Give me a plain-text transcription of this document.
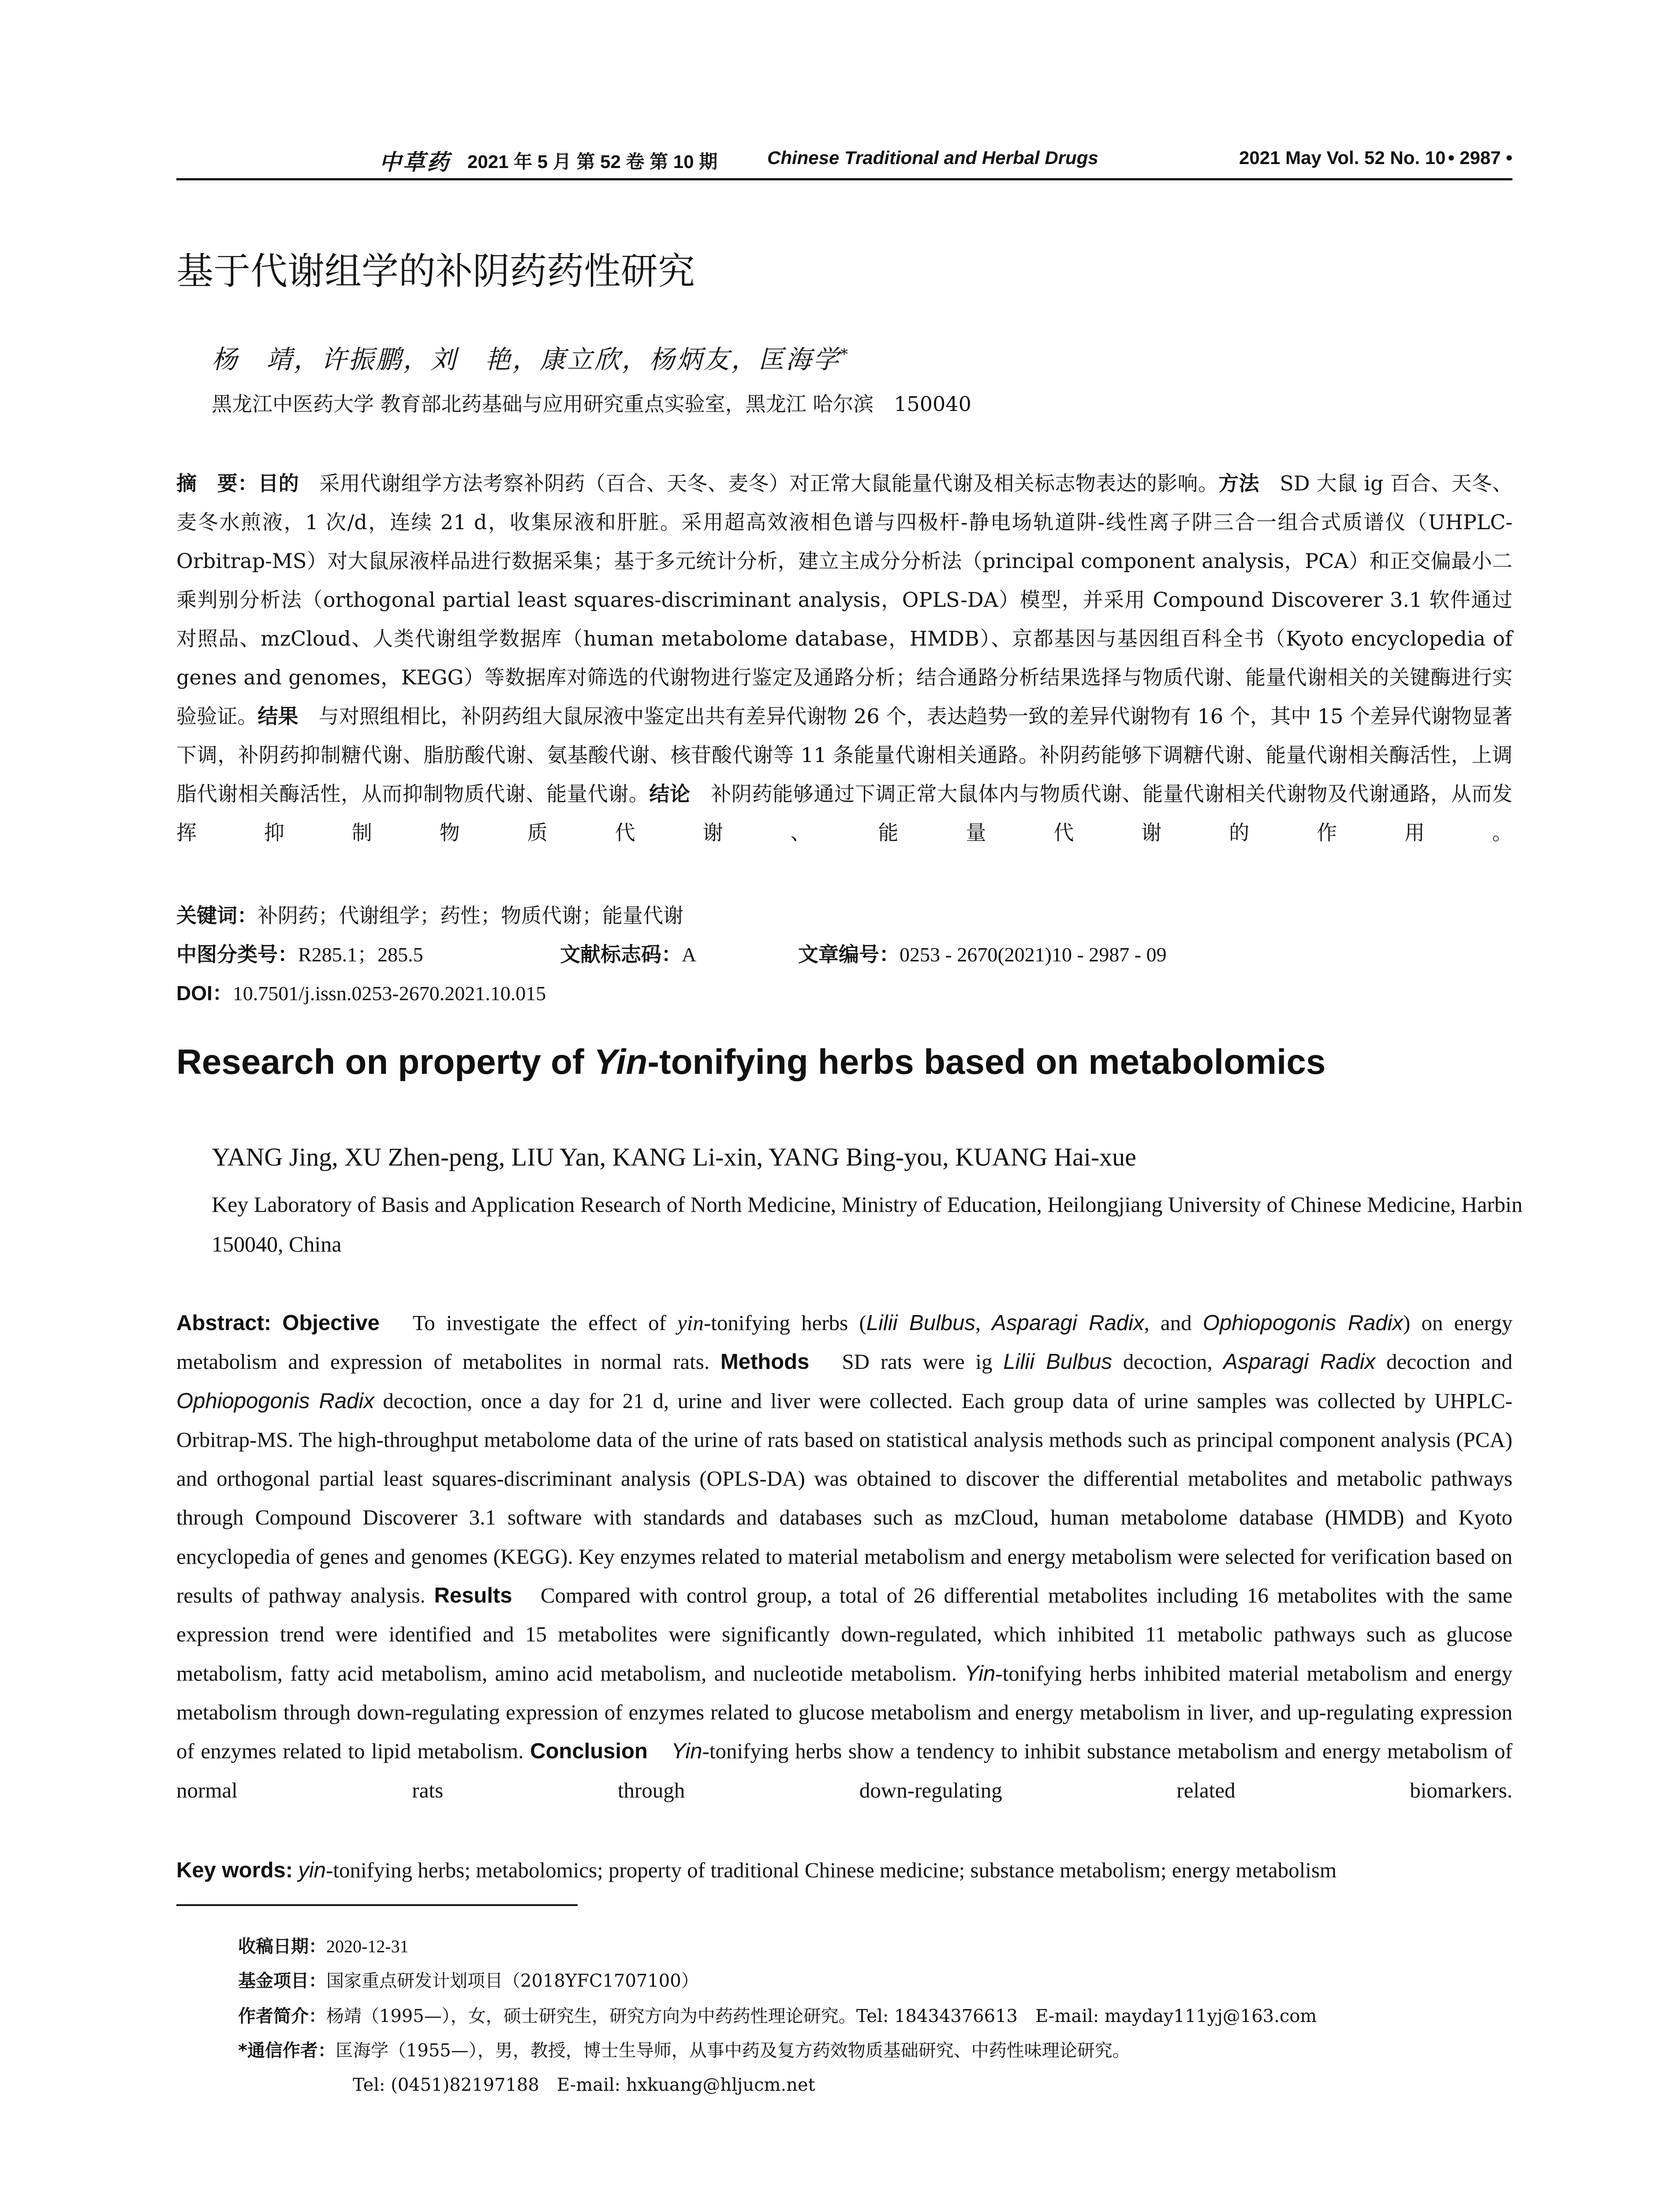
中草药 2021 年 5 月 第 52 卷 第 10 期	Chinese Traditional and Herbal Drugs	2021 May Vol. 52 No. 10 • 2987 •
基于代谢组学的补阴药药性研究
杨　靖，许振鹏，刘　艳，康立欣，杨炳友，匡海学*
黑龙江中医药大学 教育部北药基础与应用研究重点实验室，黑龙江 哈尔滨　150040
摘　要：目的　采用代谢组学方法考察补阴药（百合、天冬、麦冬）对正常大鼠能量代谢及相关标志物表达的影响。方法　SD 大鼠 ig 百合、天冬、麦冬水煎液，1 次/d，连续 21 d，收集尿液和肝脏。采用超高效液相色谱与四极杆-静电场轨道阱-线性离子阱三合一组合式质谱仪（UHPLC-Orbitrap-MS）对大鼠尿液样品进行数据采集；基于多元统计分析，建立主成分分析法（principal component analysis，PCA）和正交偏最小二乘判别分析法（orthogonal partial least squares-discriminant analysis，OPLS-DA）模型，并采用 Compound Discoverer 3.1 软件通过对照品、mzCloud、人类代谢组学数据库（human metabolome database，HMDB）、京都基因与基因组百科全书（Kyoto encyclopedia of genes and genomes，KEGG）等数据库对筛选的代谢物进行鉴定及通路分析；结合通路分析结果选择与物质代谢、能量代谢相关的关键酶进行实验验证。结果　与对照组相比，补阴药组大鼠尿液中鉴定出共有差异代谢物 26 个，表达趋势一致的差异代谢物有 16 个，其中 15 个差异代谢物显著下调，补阴药抑制糖代谢、脂肪酸代谢、氨基酸代谢、核苷酸代谢等 11 条能量代谢相关通路。补阴药能够下调糖代谢、能量代谢相关酶活性，上调脂代谢相关酶活性，从而抑制物质代谢、能量代谢。结论　补阴药能够通过下调正常大鼠体内与物质代谢、能量代谢相关代谢物及代谢通路，从而发挥抑制物质代谢、能量代谢的作用。
关键词：补阴药；代谢组学；药性；物质代谢；能量代谢
中图分类号：R285.1；285.5	文献标志码：A	文章编号：0253 - 2670(2021)10 - 2987 - 09
DOI：10.7501/j.issn.0253-2670.2021.10.015
Research on property of Yin-tonifying herbs based on metabolomics
YANG Jing, XU Zhen-peng, LIU Yan, KANG Li-xin, YANG Bing-you, KUANG Hai-xue
Key Laboratory of Basis and Application Research of North Medicine, Ministry of Education, Heilongjiang University of Chinese Medicine, Harbin 150040, China
Abstract: Objective　To investigate the effect of yin-tonifying herbs (Lilii Bulbus, Asparagi Radix, and Ophiopogonis Radix) on energy metabolism and expression of metabolites in normal rats. Methods　SD rats were ig Lilii Bulbus decoction, Asparagi Radix decoction and Ophiopogonis Radix decoction, once a day for 21 d, urine and liver were collected. Each group data of urine samples was collected by UHPLC-Orbitrap-MS. The high-throughput metabolome data of the urine of rats based on statistical analysis methods such as principal component analysis (PCA) and orthogonal partial least squares-discriminant analysis (OPLS-DA) was obtained to discover the differential metabolites and metabolic pathways through Compound Discoverer 3.1 software with standards and databases such as mzCloud, human metabolome database (HMDB) and Kyoto encyclopedia of genes and genomes (KEGG). Key enzymes related to material metabolism and energy metabolism were selected for verification based on results of pathway analysis. Results　Compared with control group, a total of 26 differential metabolites including 16 metabolites with the same expression trend were identified and 15 metabolites were significantly down-regulated, which inhibited 11 metabolic pathways such as glucose metabolism, fatty acid metabolism, amino acid metabolism, and nucleotide metabolism. Yin-tonifying herbs inhibited material metabolism and energy metabolism through down-regulating expression of enzymes related to glucose metabolism and energy metabolism in liver, and up-regulating expression of enzymes related to lipid metabolism. Conclusion　 Yin-tonifying herbs show a tendency to inhibit substance metabolism and energy metabolism of normal rats through down-regulating related biomarkers.
Key words: yin-tonifying herbs; metabolomics; property of traditional Chinese medicine; substance metabolism; energy metabolism
收稿日期：2020-12-31
基金项目：国家重点研发计划项目（2018YFC1707100）
作者简介：杨靖（1995—），女，硕士研究生，研究方向为中药药性理论研究。Tel: 18434376613　E-mail: mayday111yj@163.com
*通信作者：匡海学（1955—），男，教授，博士生导师，从事中药及复方药效物质基础研究、中药性味理论研究。
Tel: (0451)82197188　E-mail: hxkuang@hljucm.net
